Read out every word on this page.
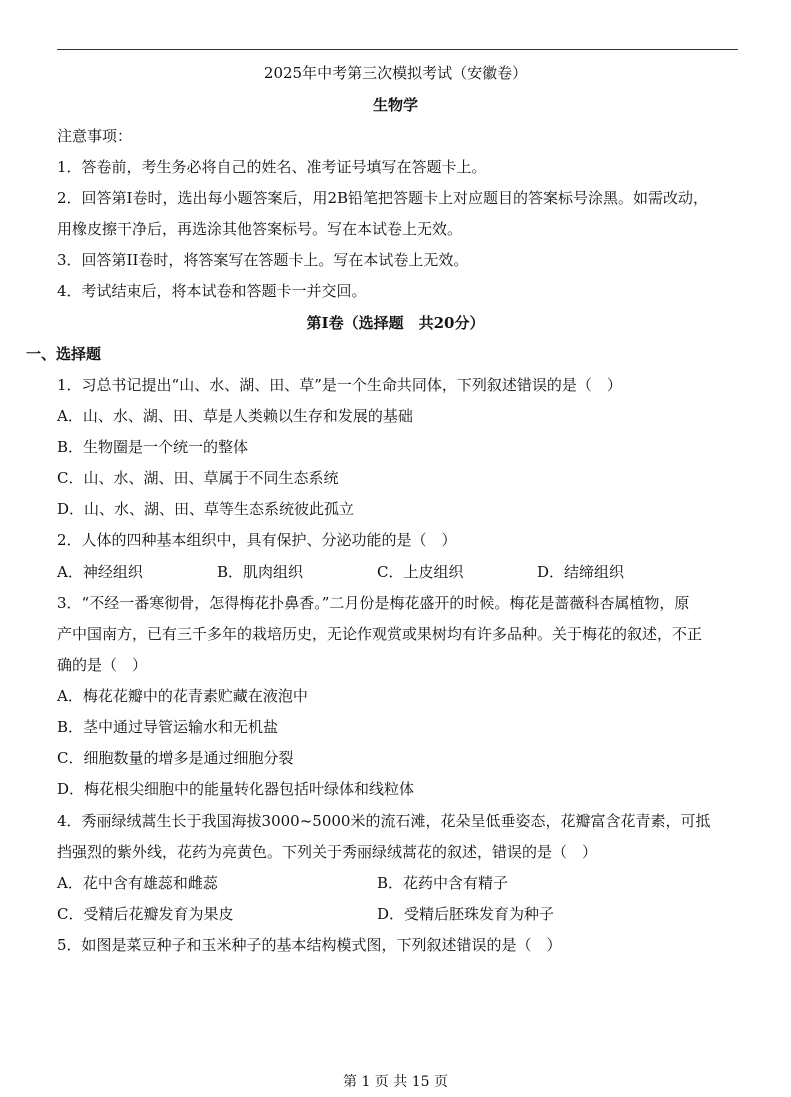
2025年中考第三次模拟考试（安徽卷）
生物学
注意事项：
1．答卷前，考生务必将自己的姓名、准考证号填写在答题卡上。
2．回答第I卷时，选出每小题答案后，用2B铅笔把答题卡上对应题目的答案标号涂黑。如需改动，
用橡皮擦干净后，再选涂其他答案标号。写在本试卷上无效。
3．回答第II卷时，将答案写在答题卡上。写在本试卷上无效。
4．考试结束后，将本试卷和答题卡一并交回。
第I卷（选择题　共20分）
一、选择题
1．习总书记提出“山、水、湖、田、草”是一个生命共同体，下列叙述错误的是（　）
A．山、水、湖、田、草是人类赖以生存和发展的基础
B．生物圈是一个统一的整体
C．山、水、湖、田、草属于不同生态系统
D．山、水、湖、田、草等生态系统彼此孤立
2．人体的四种基本组织中，具有保护、分泌功能的是（　）
A．神经组织	B．肌肉组织	C．上皮组织	D．结缔组织
3．“不经一番寒彻骨，怎得梅花扑鼻香。”二月份是梅花盛开的时候。梅花是蔷薇科杏属植物，原
产中国南方，已有三千多年的栽培历史，无论作观赏或果树均有许多品种。关于梅花的叙述，不正
确的是（　）
A．梅花花瓣中的花青素贮藏在液泡中
B．茎中通过导管运输水和无机盐
C．细胞数量的增多是通过细胞分裂
D．梅花根尖细胞中的能量转化器包括叶绿体和线粒体
4．秀丽绿绒蒿生长于我国海拔3000~5000米的流石滩，花朵呈低垂姿态，花瓣富含花青素，可抵
挡强烈的紫外线，花药为亮黄色。下列关于秀丽绿绒蒿花的叙述，错误的是（　）
A．花中含有雄蕊和雌蕊	B．花药中含有精子
C．受精后花瓣发育为果皮	D．受精后胚珠发育为种子
5．如图是菜豆种子和玉米种子的基本结构模式图，下列叙述错误的是（　）
第 1 页 共 15 页
